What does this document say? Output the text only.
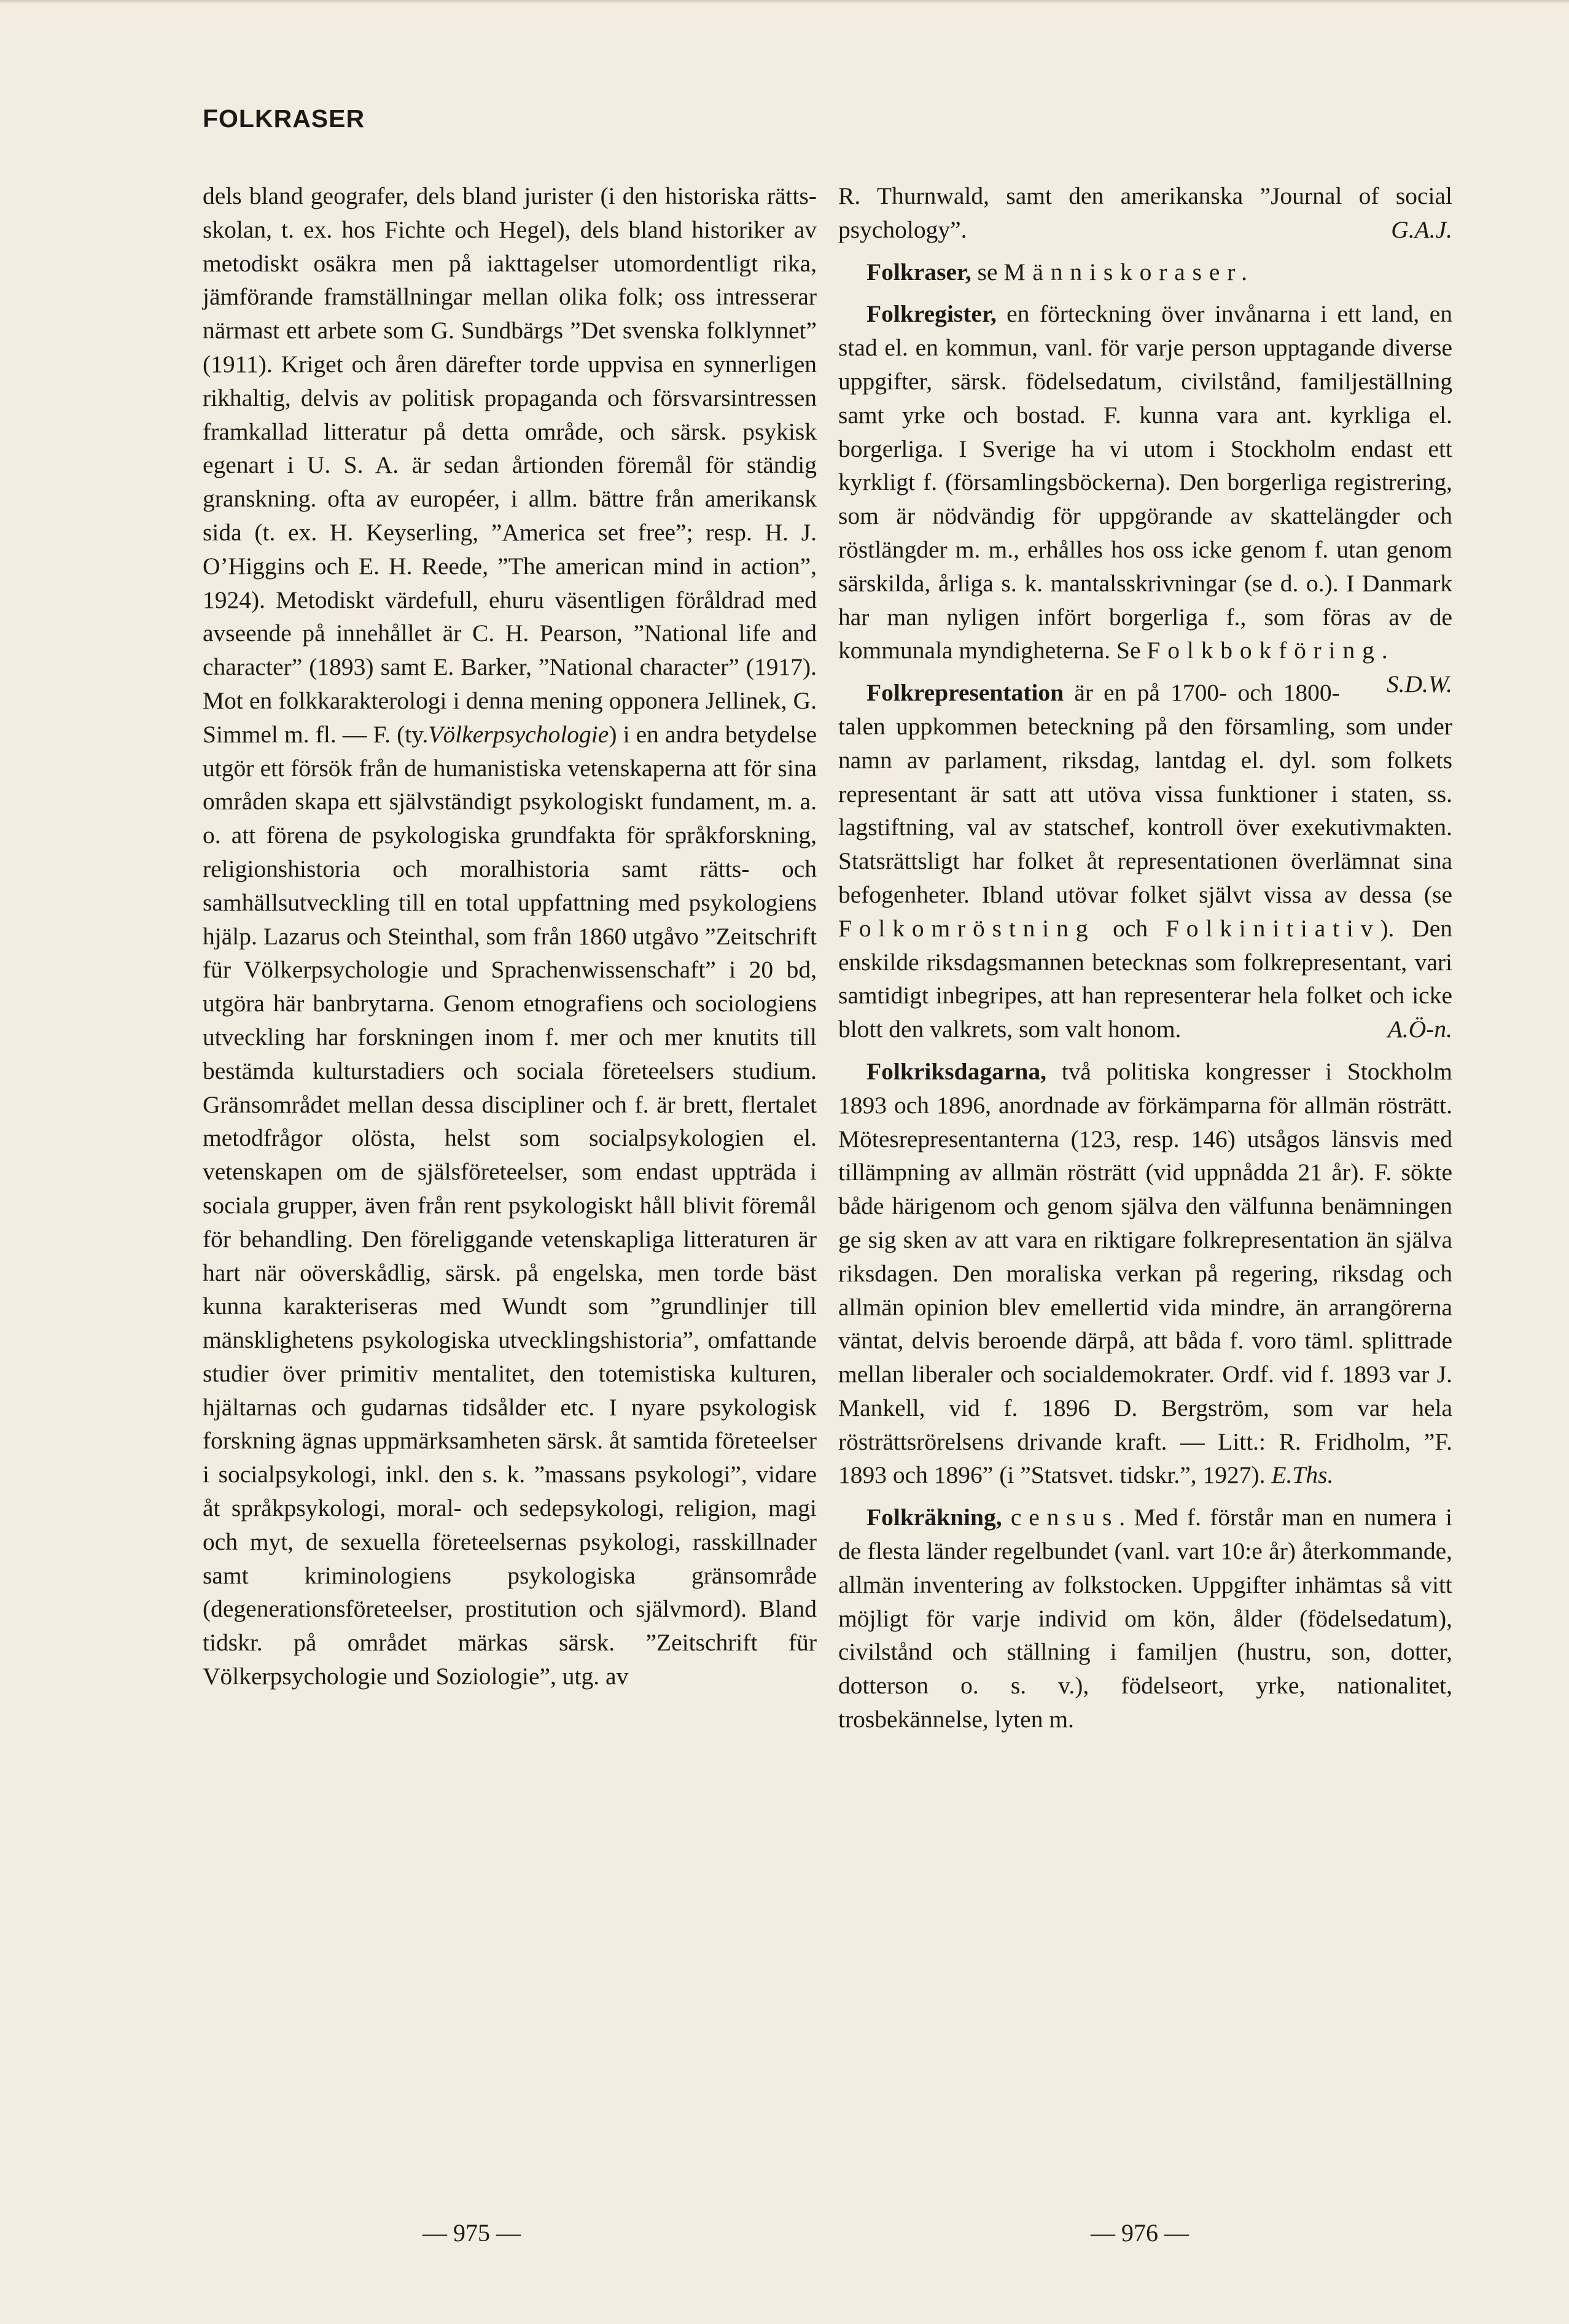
FOLKRASER

dels bland geografer, dels bland jurister (i den historiska rätts-skolan, t. ex. hos Fichte och Hegel), dels bland historiker av metodiskt osäkra men på iakttagelser utomordentligt rika, jämförande framställningar mellan olika folk; oss intresserar närmast ett arbete som G. Sundbärgs ”Det svenska folklynnet” (1911). Kriget och åren därefter torde uppvisa en synnerligen rikhaltig, delvis av politisk propaganda och försvarsintressen framkallad litteratur på detta område, och särsk. psykisk egenart i U. S. A. är sedan årtionden föremål för ständig granskning. ofta av européer, i allm. bättre från amerikansk sida (t. ex. H. Keyserling, ”America set free”; resp. H. J. O’Higgins och E. H. Reede, ”The american mind in action”, 1924). Metodiskt värdefull, ehuru väsentligen föråldrad med avseende på innehållet är C. H. Pearson, ”National life and character” (1893) samt E. Barker, ”National character” (1917). Mot en folkkarakterologi i denna mening opponera Jellinek, G. Simmel m. fl. — F. (ty.Völkerpsychologie) i en andra betydelse utgör ett försök från de humanistiska vetenskaperna att för sina områden skapa ett självständigt psykologiskt fundament, m. a. o. att förena de psykologiska grundfakta för språkforskning, religionshistoria och moralhistoria samt rätts- och samhällsutveckling till en total uppfattning med psykologiens hjälp. Lazarus och Steinthal, som från 1860 utgåvo ”Zeitschrift für Völkerpsychologie und Sprachenwissenschaft” i 20 bd, utgöra här banbrytarna. Genom etnografiens och sociologiens utveckling har forskningen inom f. mer och mer knutits till bestämda kulturstadiers och sociala företeelsers studium. Gränsområdet mellan dessa discipliner och f. är brett, flertalet metodfrågor olösta, helst som socialpsykologien el. vetenskapen om de själsföreteelser, som endast uppträda i sociala grupper, även från rent psykologiskt håll blivit föremål för behandling. Den föreliggande vetenskapliga litteraturen är hart när oöverskådlig, särsk. på engelska, men torde bäst kunna karakteriseras med Wundt som ”grundlinjer till mänsklighetens psykologiska utvecklingshistoria”, omfattande studier över primitiv mentalitet, den totemistiska kulturen, hjältarnas och gudarnas tidsålder etc. I nyare psykologisk forskning ägnas uppmärksamheten särsk. åt samtida företeelser i socialpsykologi, inkl. den s. k. ”massans psykologi”, vidare åt språkpsykologi, moral- och sedepsykologi, religion, magi och myt, de sexuella företeelsernas psykologi, rasskillnader samt kriminologiens psykologiska gränsområde (degenerationsföreteelser, prostitution och självmord). Bland tidskr. på området märkas särsk. ”Zeitschrift für Völkerpsychologie und Soziologie”, utg. av

R. Thurnwald, samt den amerikanska ”Journal of social psychology”.	G.A.J.

Folkraser, se Människoraser.

Folkregister, en förteckning över invånarna i ett land, en stad el. en kommun, vanl. för varje person upptagande diverse uppgifter, särsk. födelsedatum, civilstånd, familjeställning samt yrke och bostad. F. kunna vara ant. kyrkliga el. borgerliga. I Sverige ha vi utom i Stockholm endast ett kyrkligt f. (församlingsböckerna). Den borgerliga registrering, som är nödvändig för uppgörande av skattelängder och röstlängder m. m., erhålles hos oss icke genom f. utan genom särskilda, årliga s. k. mantalsskrivningar (se d. o.). I Danmark har man nyligen infört borgerliga f., som föras av de kommunala myndigheterna. Se Folkbokföring.
S.D.W.

Folkrepresentation är en på 1700- och 1800-talen uppkommen beteckning på den församling, som under namn av parlament, riksdag, lantdag el. dyl. som folkets representant är satt att utöva vissa funktioner i staten, ss. lagstiftning, val av statschef, kontroll över exekutivmakten. Statsrättsligt har folket åt representationen överlämnat sina befogenheter. Ibland utövar folket självt vissa av dessa (se Folkomröstning och Folkinitiativ). Den enskilde riksdagsmannen betecknas som folkrepresentant, vari samtidigt inbegripes, att han representerar hela folket och icke blott den valkrets, som valt honom.	A.Ö-n.

Folkriksdagarna, två politiska kongresser i Stockholm 1893 och 1896, anordnade av förkämparna för allmän rösträtt. Mötesrepresentanterna (123, resp. 146) utsågos länsvis med tillämpning av allmän rösträtt (vid uppnådda 21 år). F. sökte både härigenom och genom själva den välfunna benämningen ge sig sken av att vara en riktigare folkrepresentation än själva riksdagen. Den moraliska verkan på regering, riksdag och allmän opinion blev emellertid vida mindre, än arrangörerna väntat, delvis beroende därpå, att båda f. voro täml. splittrade mellan liberaler och socialdemokrater. Ordf. vid f. 1893 var J. Mankell, vid f. 1896 D. Bergström, som var hela rösträttsrörelsens drivande kraft. — Litt.: R. Fridholm, ”F. 1893 och 1896” (i ”Statsvet. tidskr.”, 1927). E.Ths.

Folkräkning, census. Med f. förstår man en numera i de flesta länder regelbundet (vanl. vart 10:e år) återkommande, allmän inventering av folkstocken. Uppgifter inhämtas så vitt möjligt för varje individ om kön, ålder (födelsedatum), civilstånd och ställning i familjen (hustru, son, dotter, dotterson o. s. v.), födelseort, yrke, nationalitet, trosbekännelse, lyten m.

— 975 —	— 976 —
